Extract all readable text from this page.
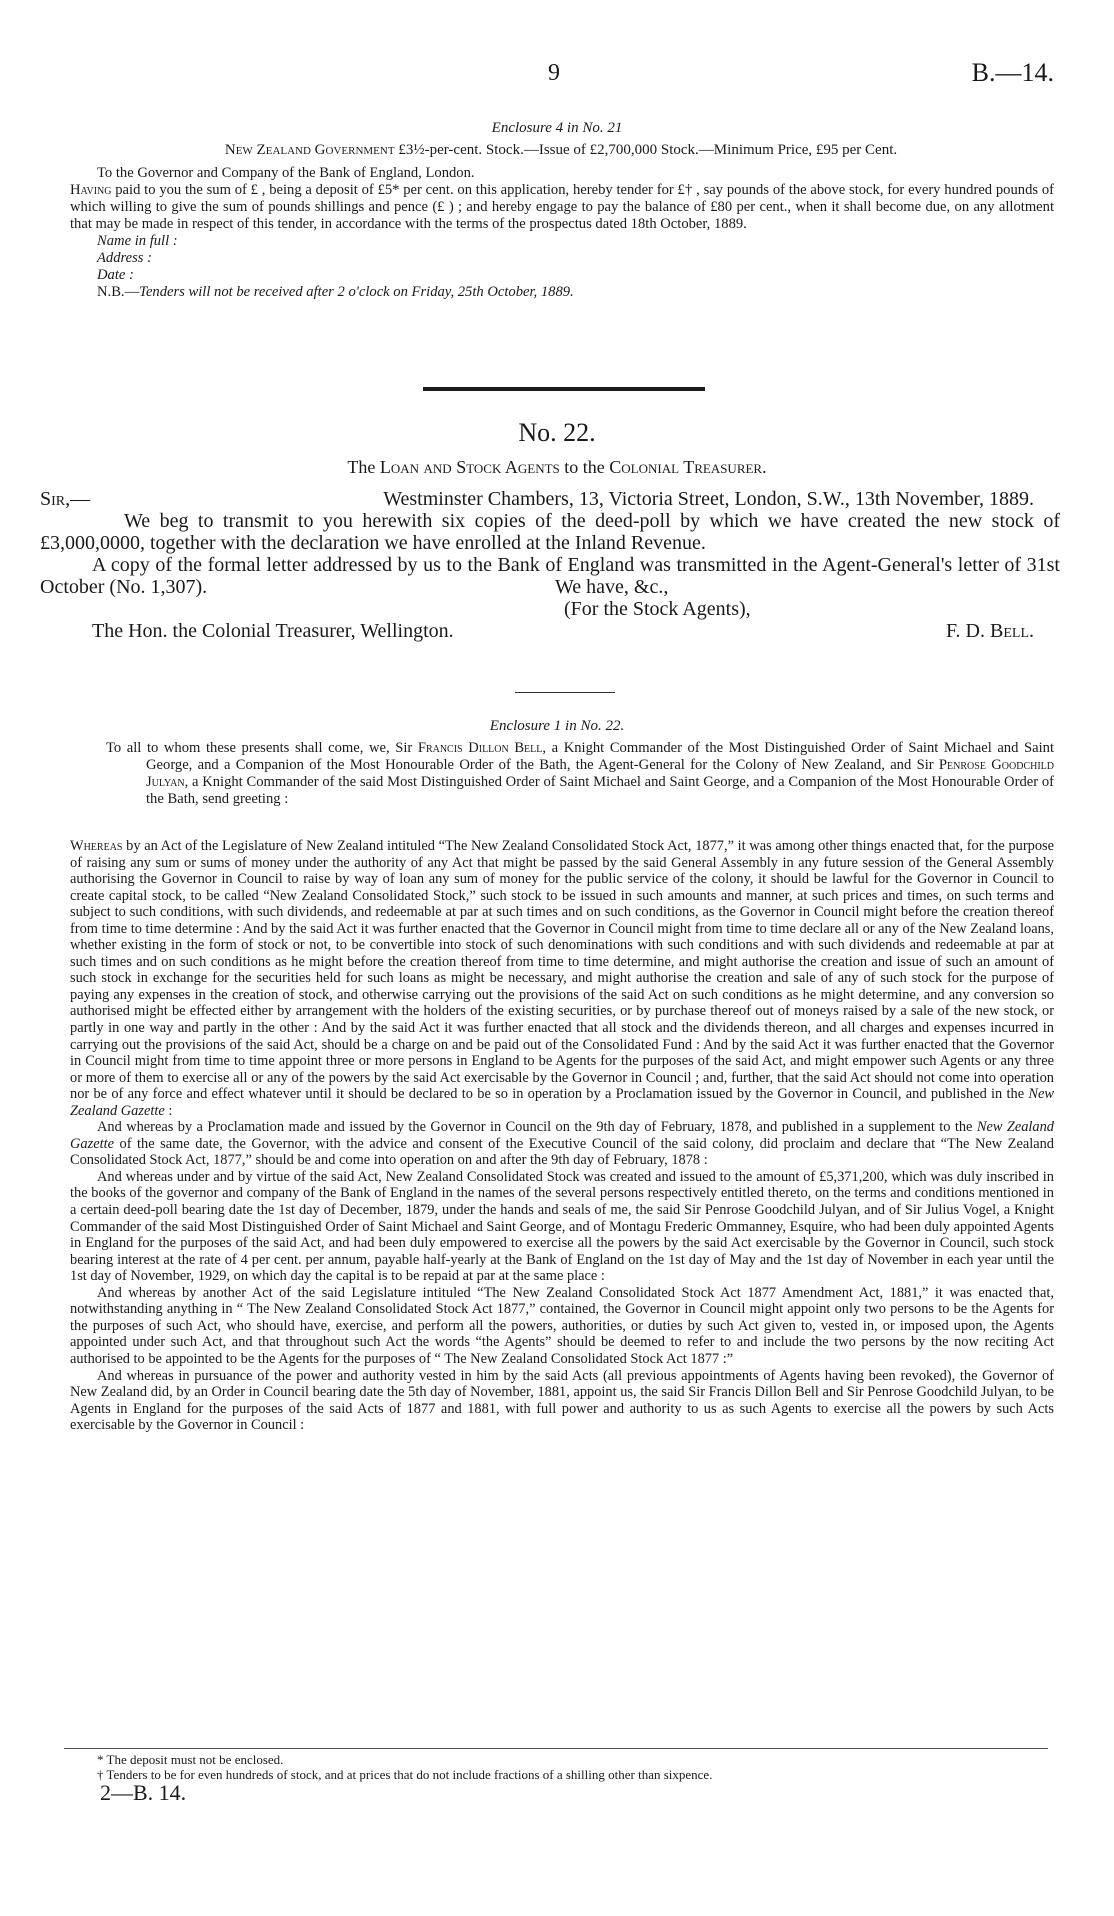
9	B.—14.
Enclosure 4 in No. 21
New Zealand Government £3½-per-cent. Stock.—Issue of £2,700,000 Stock.—Minimum Price, £95 per Cent.
To the Governor and Company of the Bank of England, London.
Having paid to you the sum of £ , being a deposit of £5* per cent. on this application, hereby tender for £† , say pounds of the above stock, for every hundred pounds of which willing to give the sum of pounds shillings and pence (£ ) ; and hereby engage to pay the balance of £80 per cent., when it shall become due, on any allotment that may be made in respect of this tender, in accordance with the terms of the prospectus dated 18th October, 1889.
Name in full :
Address :
Date :
N.B.—Tenders will not be received after 2 o'clock on Friday, 25th October, 1889.
No. 22.
The Loan and Stock Agents to the Colonial Treasurer.
Sir,—	Westminster Chambers, 13, Victoria Street, London, S.W., 13th November, 1889.

We beg to transmit to you herewith six copies of the deed-poll by which we have created the new stock of £3,000,0000, together with the declaration we have enrolled at the Inland Revenue.

A copy of the formal letter addressed by us to the Bank of England was transmitted in the Agent-General's letter of 31st October (No. 1,307).	We have, &c.,
(For the Stock Agents),
The Hon. the Colonial Treasurer, Wellington.	F. D. Bell.
Enclosure 1 in No. 22.
To all to whom these presents shall come, we, Sir Francis Dillon Bell, a Knight Commander of the Most Distinguished Order of Saint Michael and Saint George, and a Companion of the Most Honourable Order of the Bath, the Agent-General for the Colony of New Zealand, and Sir Penrose Goodchild Julyan, a Knight Commander of the said Most Distinguished Order of Saint Michael and Saint George, and a Companion of the Most Honourable Order of the Bath, send greeting :

Whereas by an Act of the Legislature of New Zealand intituled “The New Zealand Consolidated Stock Act, 1877,” it was among other things enacted that, for the purpose of raising any sum or sums of money under the authority of any Act that might be passed by the said General Assembly in any future session of the General Assembly authorising the Governor in Council to raise by way of loan any sum of money for the public service of the colony, it should be lawful for the Governor in Council to create capital stock, to be called “New Zealand Consolidated Stock,” such stock to be issued in such amounts and manner, at such prices and times, on such terms and subject to such conditions, with such dividends, and redeemable at par at such times and on such conditions, as the Governor in Council might before the creation thereof from time to time determine : And by the said Act it was further enacted that the Governor in Council might from time to time declare all or any of the New Zealand loans, whether existing in the form of stock or not, to be convertible into stock of such denominations with such conditions and with such dividends and redeemable at par at such times and on such conditions as he might before the creation thereof from time to time determine, and might authorise the creation and issue of such an amount of such stock in exchange for the securities held for such loans as might be necessary, and might authorise the creation and sale of any of such stock for the purpose of paying any expenses in the creation of stock, and otherwise carrying out the provisions of the said Act on such conditions as he might determine, and any conversion so authorised might be effected either by arrangement with the holders of the existing securities, or by purchase thereof out of moneys raised by a sale of the new stock, or partly in one way and partly in the other : And by the said Act it was further enacted that all stock and the dividends thereon, and all charges and expenses incurred in carrying out the provisions of the said Act, should be a charge on and be paid out of the Consolidated Fund : And by the said Act it was further enacted that the Governor in Council might from time to time appoint three or more persons in England to be Agents for the purposes of the said Act, and might empower such Agents or any three or more of them to exercise all or any of the powers by the said Act exercisable by the Governor in Council ; and, further, that the said Act should not come into operation nor be of any force and effect whatever until it should be declared to be so in operation by a Proclamation issued by the Governor in Council, and published in the New Zealand Gazette :

And whereas by a Proclamation made and issued by the Governor in Council on the 9th day of February, 1878, and published in a supplement to the New Zealand Gazette of the same date, the Governor, with the advice and consent of the Executive Council of the said colony, did proclaim and declare that “The New Zealand Consolidated Stock Act, 1877,” should be and come into operation on and after the 9th day of February, 1878 :

And whereas under and by virtue of the said Act, New Zealand Consolidated Stock was created and issued to the amount of £5,371,200, which was duly inscribed in the books of the governor and company of the Bank of England in the names of the several persons respectively entitled thereto, on the terms and conditions mentioned in a certain deed-poll bearing date the 1st day of December, 1879, under the hands and seals of me, the said Sir Penrose Goodchild Julyan, and of Sir Julius Vogel, a Knight Commander of the said Most Distinguished Order of Saint Michael and Saint George, and of Montagu Frederic Ommanney, Esquire, who had been duly appointed Agents in England for the purposes of the said Act, and had been duly empowered to exercise all the powers by the said Act exercisable by the Governor in Council, such stock bearing interest at the rate of 4 per cent. per annum, payable half-yearly at the Bank of England on the 1st day of May and the 1st day of November in each year until the 1st day of November, 1929, on which day the capital is to be repaid at par at the same place :

And whereas by another Act of the said Legislature intituled “The New Zealand Consolidated Stock Act 1877 Amendment Act, 1881,” it was enacted that, notwithstanding anything in “ The New Zealand Consolidated Stock Act 1877,” contained, the Governor in Council might appoint only two persons to be the Agents for the purposes of such Act, who should have, exercise, and perform all the powers, authorities, or duties by such Act given to, vested in, or imposed upon, the Agents appointed under such Act, and that throughout such Act the words “the Agents” should be deemed to refer to and include the two persons by the now reciting Act authorised to be appointed to be the Agents for the purposes of “ The New Zealand Consolidated Stock Act 1877 :”

And whereas in pursuance of the power and authority vested in him by the said Acts (all previous appointments of Agents having been revoked), the Governor of New Zealand did, by an Order in Council bearing date the 5th day of November, 1881, appoint us, the said Sir Francis Dillon Bell and Sir Penrose Goodchild Julyan, to be Agents in England for the purposes of the said Acts of 1877 and 1881, with full power and authority to us as such Agents to exercise all the powers by such Acts exercisable by the Governor in Council :

* The deposit must not be enclosed.

† Tenders to be for even hundreds of stock, and at prices that do not include fractions of a shilling other than sixpence.

2—B. 14.
